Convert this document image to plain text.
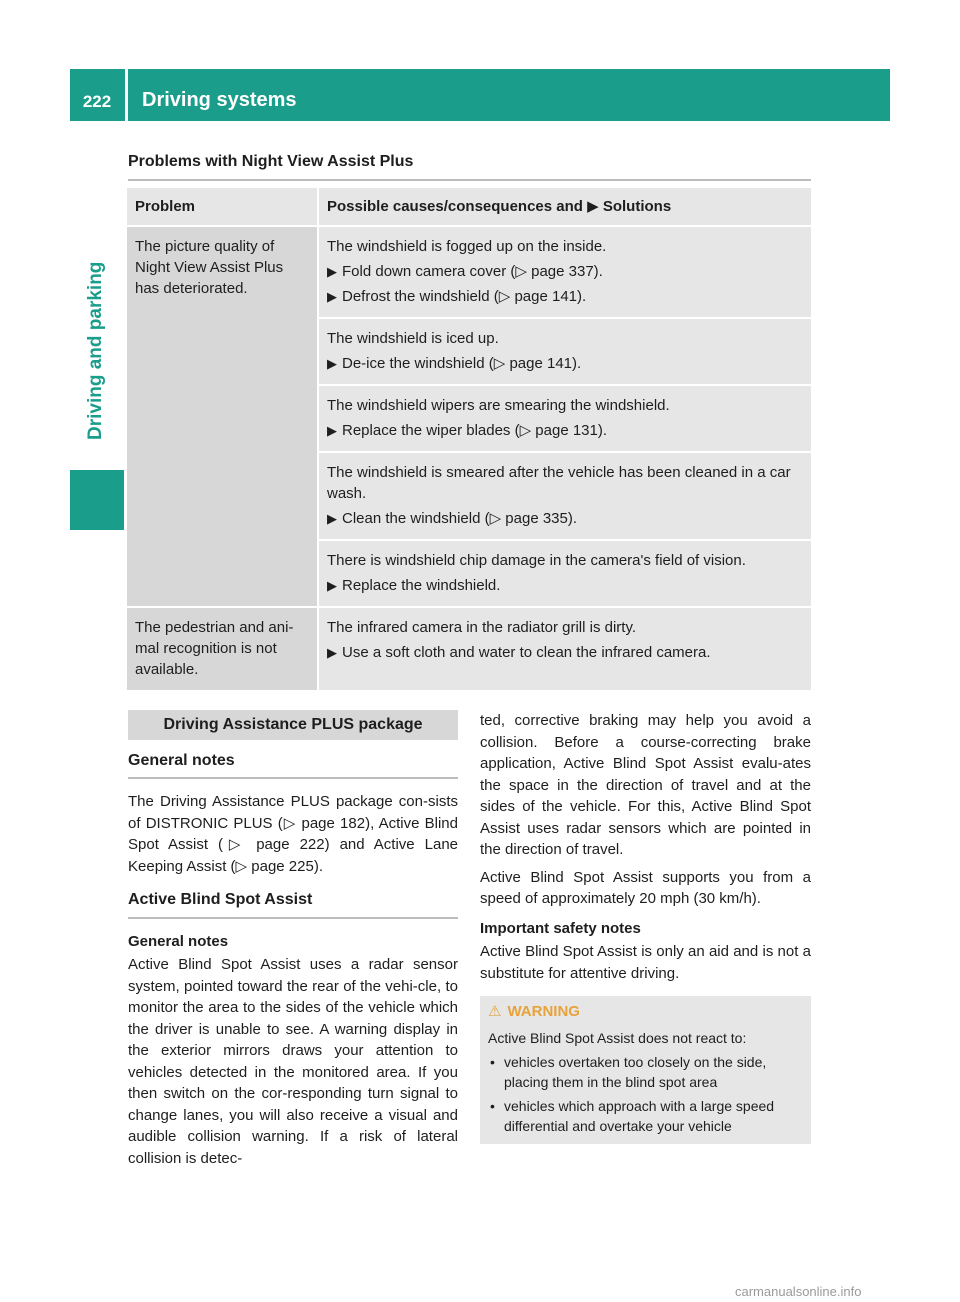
222	Driving systems
Driving and parking
Problems with Night View Assist Plus
Problem	Possible causes/consequences and ▶ Solutions
The picture quality of Night View Assist Plus has deteriorated.	The windshield is fogged up on the inside.
▶ Fold down camera cover (▷ page 337).
▶ Defrost the windshield (▷ page 141).

	The windshield is iced up.
▶ De-ice the windshield (▷ page 141).

	The windshield wipers are smearing the windshield.
▶ Replace the wiper blades (▷ page 131).

	The windshield is smeared after the vehicle has been cleaned in a car wash.
▶ Clean the windshield (▷ page 335).

	There is windshield chip damage in the camera's field of vision.
▶ Replace the windshield.

The pedestrian and ani-mal recognition is not available.	The infrared camera in the radiator grill is dirty.
▶ Use a soft cloth and water to clean the infrared camera.
Driving Assistance PLUS package
General notes

The Driving Assistance PLUS package con-sists of DISTRONIC PLUS (▷ page 182), Active Blind Spot Assist (▷ page 222) and Active Lane Keeping Assist (▷ page 225).

Active Blind Spot Assist
General notes

Active Blind Spot Assist uses a radar sensor system, pointed toward the rear of the vehi-cle, to monitor the area to the sides of the vehicle which the driver is unable to see. A warning display in the exterior mirrors draws your attention to vehicles detected in the monitored area. If you then switch on the cor-responding turn signal to change lanes, you will also receive a visual and audible collision warning. If a risk of lateral collision is detec-

ted, corrective braking may help you avoid a collision. Before a course-correcting brake application, Active Blind Spot Assist evalu-ates the space in the direction of travel and at the sides of the vehicle. For this, Active Blind Spot Assist uses radar sensors which are pointed in the direction of travel.

Active Blind Spot Assist supports you from a speed of approximately 20 mph (30 km/h).

Important safety notes

Active Blind Spot Assist is only an aid and is not a substitute for attentive driving.

⚠ WARNING
Active Blind Spot Assist does not react to:
• vehicles overtaken too closely on the side, placing them in the blind spot area
• vehicles which approach with a large speed differential and overtake your vehicle
carmanualsonline.info
